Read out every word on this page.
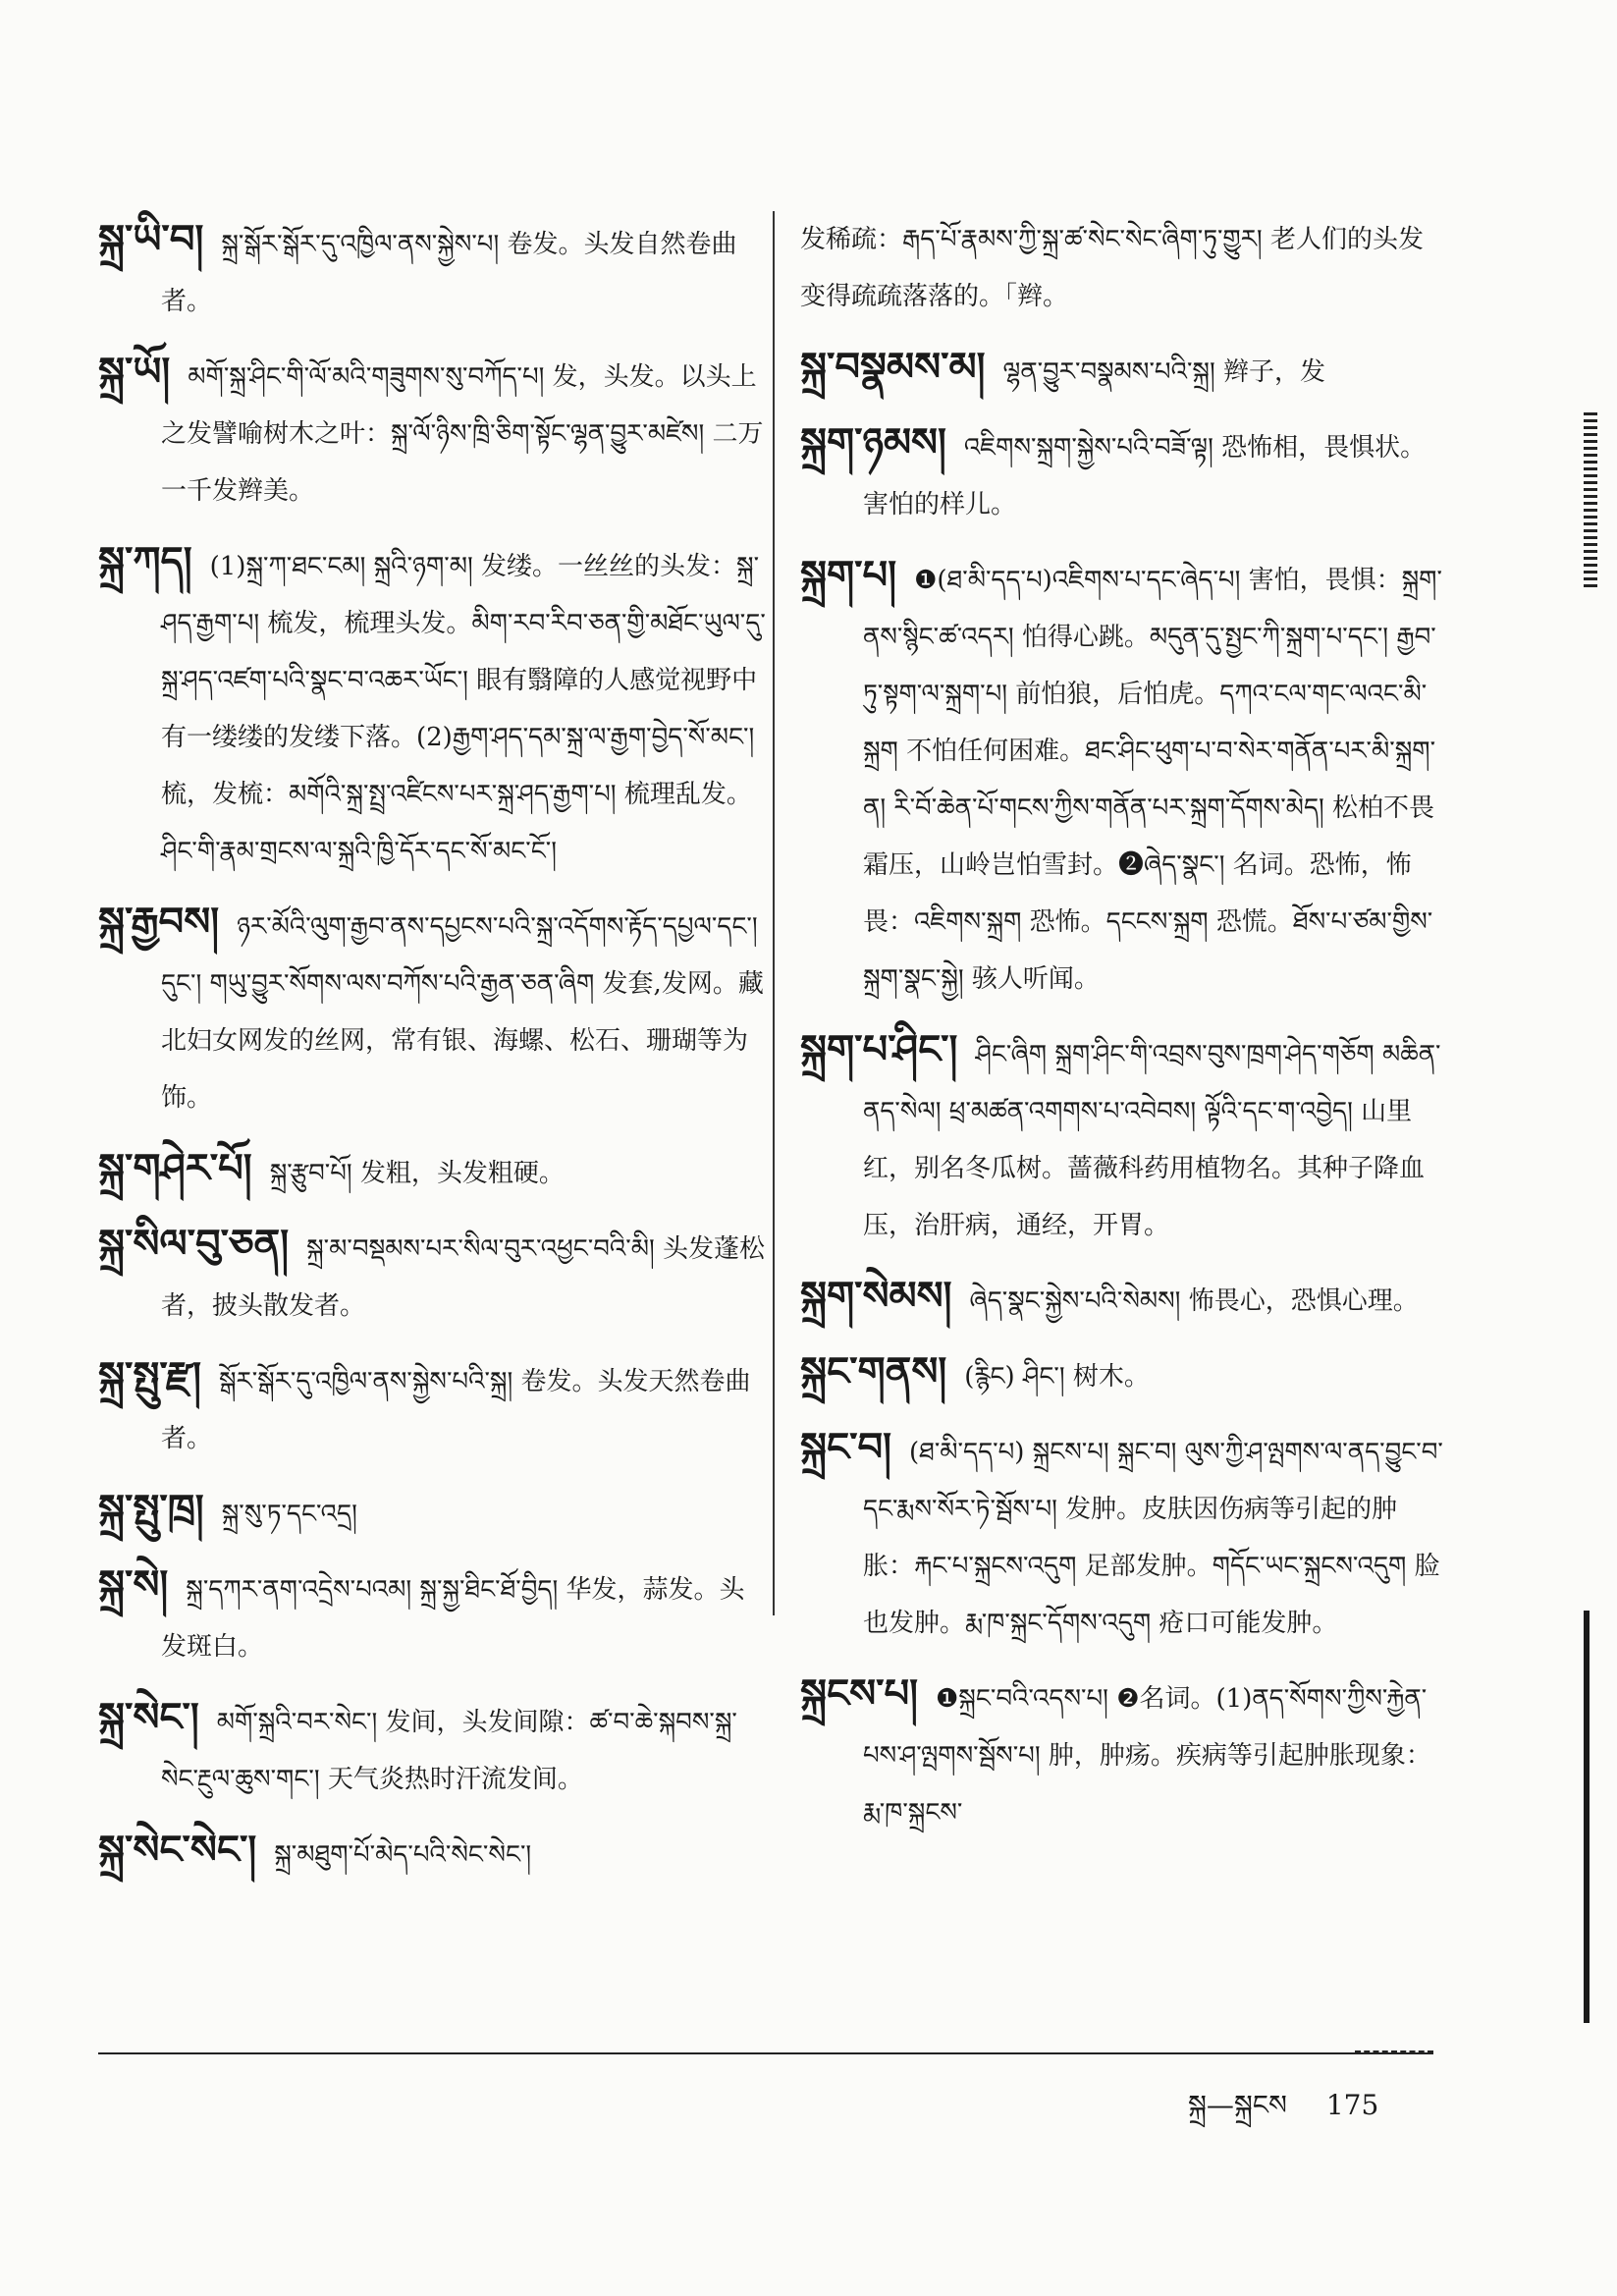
སྐྲ་ཡི་བ། སྐྲ་སྒོར་སྒོར་དུ་འཁྱིལ་ནས་སྐྱེས་པ། 卷发。头发自然卷曲者。
སྐྲ་ཡོ། མགོ་སྐྲ་ཤིང་གི་ལོ་མའི་གཟུགས་སུ་བཀོད་པ། 发，头发。以头上之发譬喻树木之叶：སྐྲ་ལོ་ཉིས་ཁྲི་ཅིག་སྟོང་ལྷན་བྱུར་མཛེས། 二万一千发辫美。
སྐྲ་ཀད། (1)སྐྲ་ཀ་ཐང་ངམ། སྐྲའི་ཉག་མ། 发缕。一丝丝的头发：སྐྲ་ཤད་རྒྱག་པ། 梳发，梳理头发。མིག་རབ་རིབ་ཅན་གྱི་མཐོང་ཡུལ་དུ་སྐྲ་ཤད་འཛག་པའི་སྣང་བ་འཆར་ཡོང་། 眼有翳障的人感觉视野中有一缕缕的发缕下落。(2)རྒྱག་ཤད་དམ་སྐྲ་ལ་རྒྱག་བྱེད་སོ་མང་། 梳，发梳：མགོའི་སྐྲ་སྤྲ་འཛིངས་པར་སྐྲ་ཤད་རྒྱག་པ། 梳理乱发。ཤིང་གི་རྣམ་གྲངས་ལ་སྐྲའི་ཁྱི་དོར་དང་སོ་མང་ངོ་།
སྐྲ་རྒྱབས། ཉར་མོའི་ལུག་རྒྱབ་ནས་དཔྱངས་པའི་སྐྲ་འདོགས་རྟོད་དཔྱལ་དང་། དུང་། གཡུ་བྱུར་སོགས་ལས་བཀོས་པའི་རྒྱན་ཅན་ཞིག 发套,发网。藏北妇女网发的丝网，常有银、海螺、松石、珊瑚等为饰。
སྐྲ་གཤེར་པོ། སྐྲ་རྩུབ་པོ། 发粗，头发粗硬。
སྐྲ་སིལ་བུ་ཅན། སྐྲ་མ་བསྡམས་པར་སིལ་བུར་འཕྱང་བའི་མི། 头发蓬松者，披头散发者。
སྐྲ་སྤུ་རྫ། སྒོར་སྒོར་དུ་འཁྱིལ་ནས་སྐྱེས་པའི་སྐྲ། 卷发。头发天然卷曲者。
སྐྲ་སྤུ་ཁྲ། སྐྲ་སུ་ཏ་དང་འདྲ།
སྐྲ་སེ། སྐྲ་དཀར་ནག་འདྲེས་པའམ། སྐྲ་སྐྱ་ཐིང་ཐོ་བྱིད། 华发，蒜发。头发斑白。
སྐྲ་སེང་། མགོ་སྐྲའི་བར་སེང་། 发间，头发间隙：ཚ་བ་ཆེ་སྐབས་སྐྲ་སེང་རྔུལ་ཆུས་གང་། 天气炎热时汗流发间。
སྐྲ་སེང་སེང་། སྐྲ་མཐུག་པོ་མེད་པའི་སེང་སེང་།
发稀疏：རྒད་པོ་རྣམས་ཀྱི་སྐྲ་ཚ་སེང་སེང་ཞིག་ཏུ་གྱུར། 老人们的头发变得疏疏落落的。「辫。
སྐྲ་བསྣམས་མ། ལྷན་བྱུར་བསྣམས་པའི་སྐྲ། 辫子，发
སྐྲག་ཉམས། འཇིགས་སྐྲག་སྐྱེས་པའི་བཟོ་ལྟ། 恐怖相，畏惧状。害怕的样儿。
སྐྲག་པ། ❶(ཐ་མི་དད་པ)འཇིགས་པ་དང་ཞེད་པ། 害怕，畏惧：སྐྲག་ནས་སྙིང་ཚ་འདར། 怕得心跳。མདུན་དུ་སྤྱང་ཀི་སྐྲག་པ་དང་། རྒྱབ་ཏུ་སྟག་ལ་སྐྲག་པ། 前怕狼，后怕虎。དཀའ་ངལ་གང་ལའང་མི་སྐྲག 不怕任何困难。ཐང་ཤིང་ཕུག་པ་བ་སེར་གནོན་པར་མི་སྐྲག་ན། རི་བོ་ཆེན་པོ་གངས་ཀྱིས་གནོན་པར་སྐྲག་དོགས་མེད། 松柏不畏霜压，山岭岂怕雪封。❷ཞེད་སྣང་། 名词。恐怖，怖畏：འཇིགས་སྐྲག 恐怖。དངངས་སྐྲག 恐慌。ཐོས་པ་ཙམ་གྱིས་སྐྲག་སྣང་སྐྱེ། 骇人听闻。
སྐྲག་པ་ཤིང་། ཤིང་ཞིག སྐྲག་ཤིང་གི་འབྲས་བུས་ཁྲག་ཤེད་གཅོག མཆིན་ནད་སེལ། ཕྲ་མཚན་འགགས་པ་འབེབས། ལྟོའི་དང་ག་འབྱེད། 山里红，别名冬瓜树。蔷薇科药用植物名。其种子降血压，治肝病，通经，开胃。
སྐྲག་སེམས། ཞེད་སྣང་སྐྱེས་པའི་སེམས། 怖畏心，恐惧心理。
སྐྲང་གནས། (རྙིང) ཤིང་། 树木。
སྐྲང་བ། (ཐ་མི་དད་པ) སྐྲངས་པ། སྐྲང་བ། ལུས་ཀྱི་ཤ་ལྤགས་ལ་ནད་བྱུང་བ་དང་རྨས་སོར་ཏེ་སྦོས་པ། 发肿。皮肤因伤病等引起的肿胀：རྐང་པ་སྐྲངས་འདུག 足部发肿。གདོང་ཡང་སྐྲངས་འདུག 脸也发肿。རྨ་ཁ་སྐྲང་དོགས་འདུག 疮口可能发肿。
སྐྲངས་པ། ❶སྐྲང་བའི་འདས་པ། ❷名词。(1)ནད་སོགས་ཀྱིས་རྐྱེན་པས་ཤ་ལྤགས་སྦོས་པ། 肿，肿疡。疾病等引起肿胀现象：རྨ་ཁ་སྐྲངས་
སྐྲ—སྐྲངས 175
